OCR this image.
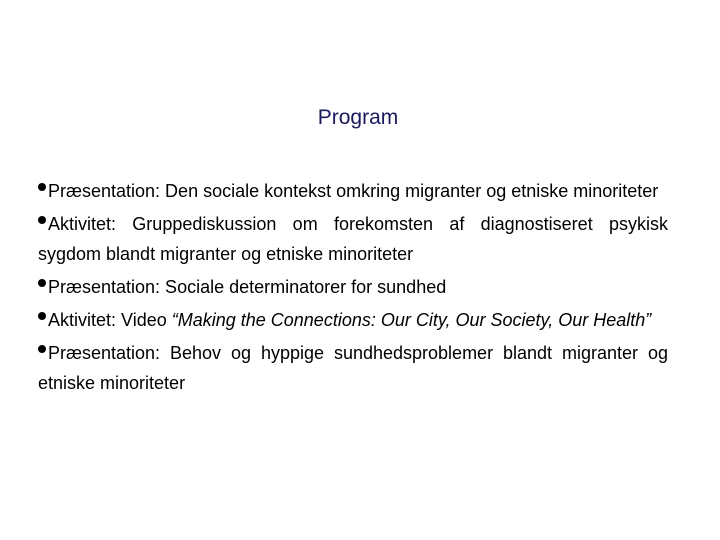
Program
Præsentation: Den sociale kontekst omkring migranter og etniske minoriteter
Aktivitet: Gruppediskussion om forekomsten af diagnostiseret psykisk sygdom blandt migranter og etniske minoriteter
Præsentation: Sociale determinatorer for sundhed
Aktivitet: Video “Making the Connections: Our City, Our Society, Our Health”
Præsentation: Behov og hyppige sundhedsproblemer blandt migranter og etniske minoriteter
